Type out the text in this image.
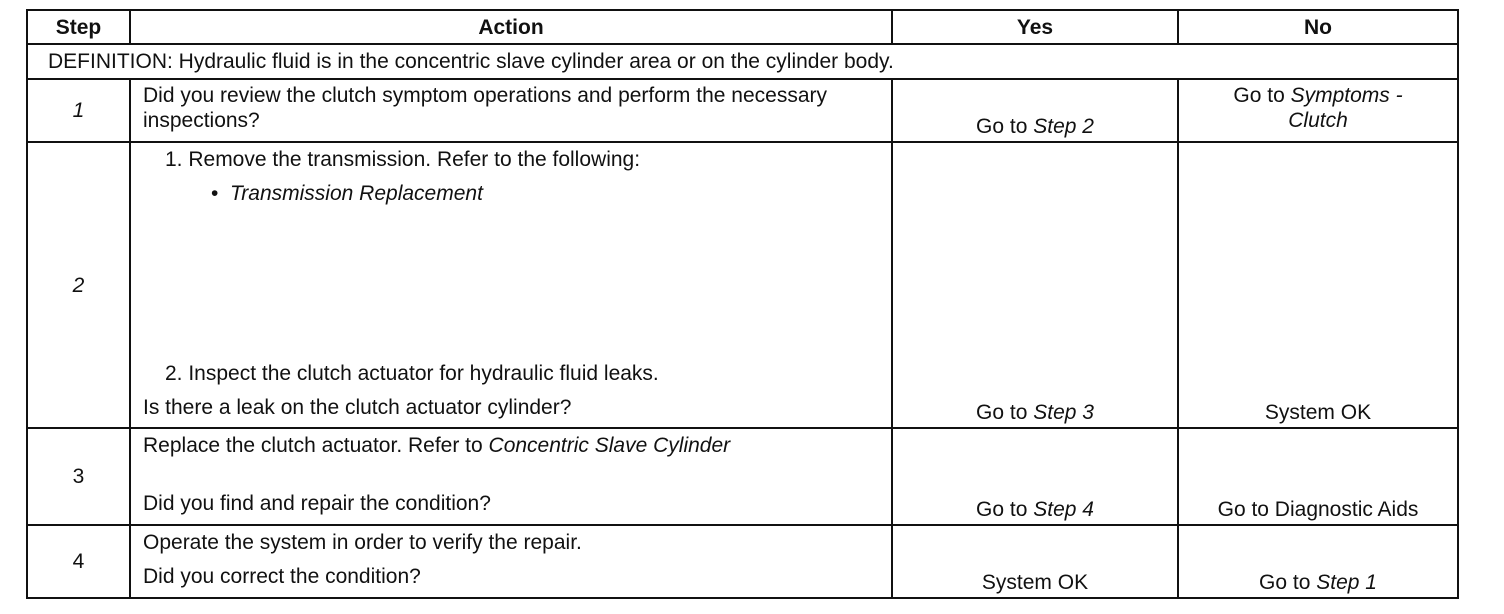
Step	Action	Yes	No
DEFINITION: Hydraulic fluid is in the concentric slave cylinder area or on the cylinder body.			
1	Did you review the clutch symptom operations and perform the necessary inspections?	Go to Step 2	Go to Symptoms -
Clutch
2	1. Remove the transmission. Refer to the following:
•  Transmission Replacement
2. Inspect the clutch actuator for hydraulic fluid leaks.
Is there a leak on the clutch actuator cylinder?	Go to Step 3	System OK
3	Replace the clutch actuator. Refer to Concentric Slave Cylinder
Did you find and repair the condition?	Go to Step 4	Go to Diagnostic Aids
4	Operate the system in order to verify the repair.
Did you correct the condition?	System OK	Go to Step 1
